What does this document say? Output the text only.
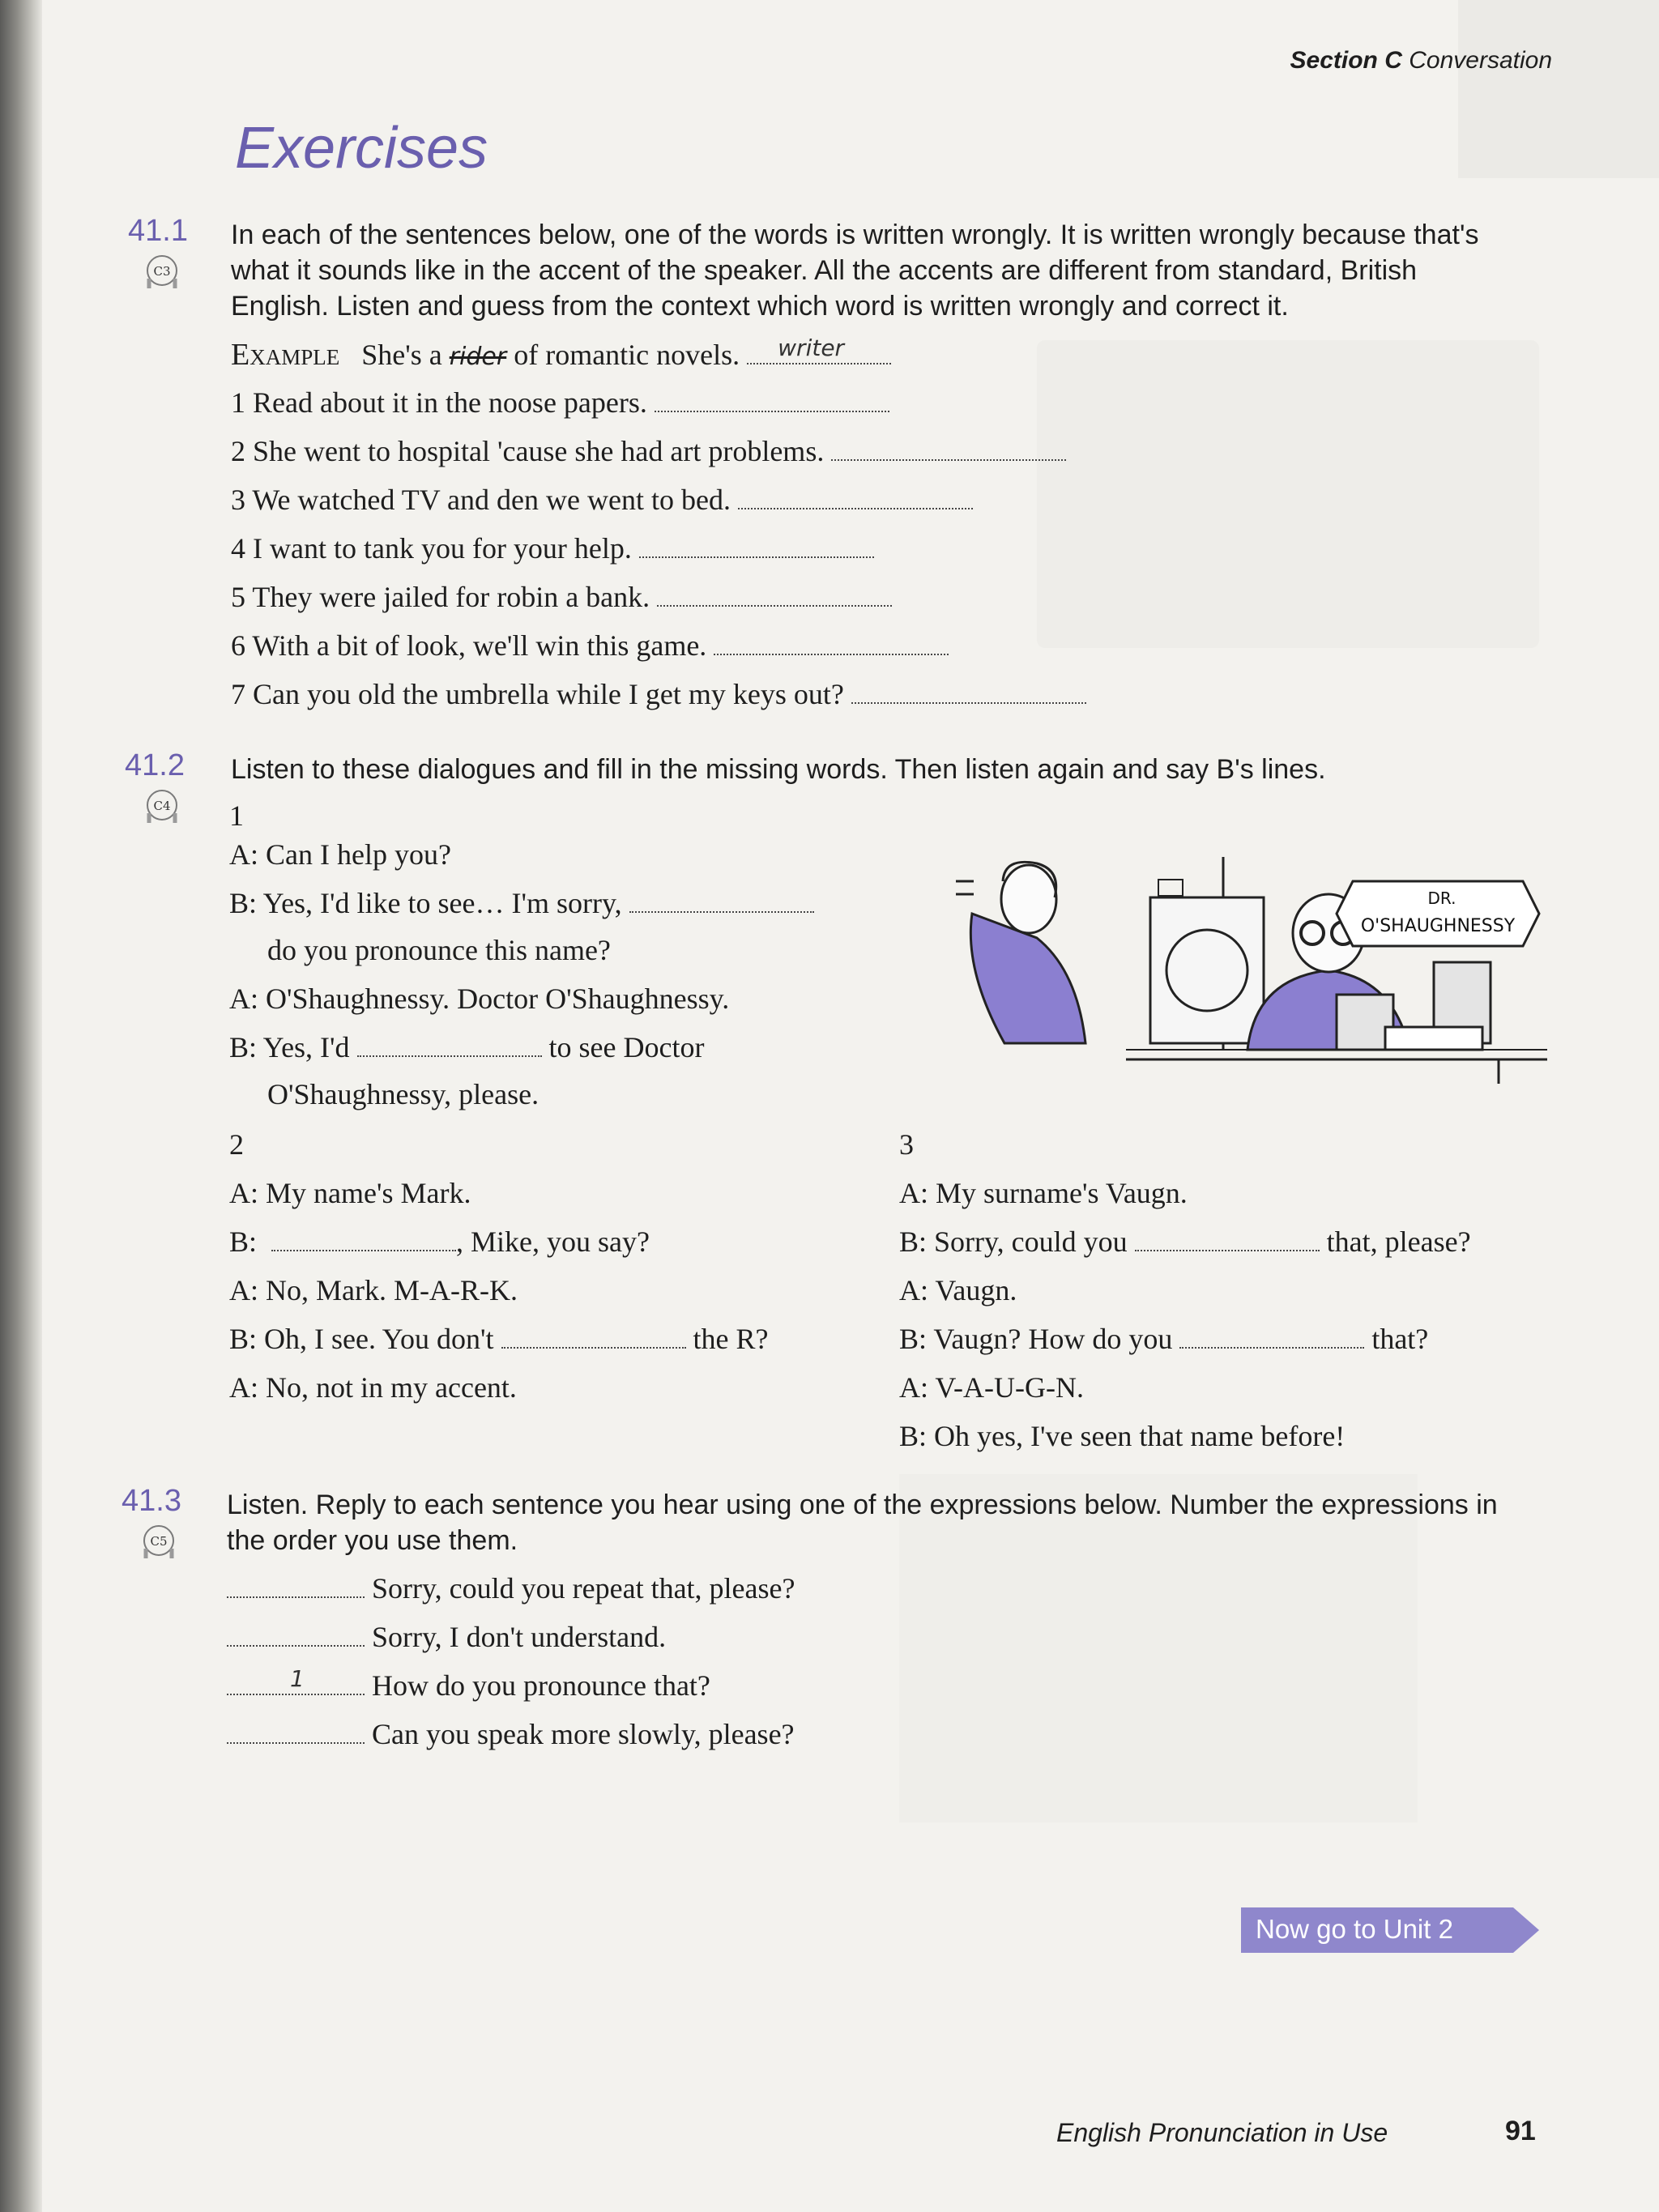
Section C Conversation
Exercises
41.1
C3
In each of the sentences below, one of the words is written wrongly. It is written wrongly because that's what it sounds like in the accent of the speaker. All the accents are different from standard, British English. Listen and guess from the context which word is written wrongly and correct it.
Example She's a rider of romantic novels. writer
1 Read about it in the noose papers.
2 She went to hospital 'cause she had art problems.
3 We watched TV and den we went to bed.
4 I want to tank you for your help.
5 They were jailed for robin a bank.
6 With a bit of look, we'll win this game.
7 Can you old the umbrella while I get my keys out?
41.2
C4
Listen to these dialogues and fill in the missing words. Then listen again and say B's lines.
1
A: Can I help you?
B: Yes, I'd like to see… I'm sorry,
do you pronounce this name?
A: O'Shaughnessy. Doctor O'Shaughnessy.
B: Yes, I'd	to see Doctor
O'Shaughnessy, please.
DR.
O'SHAUGHNESSY
2
A: My name's Mark.
B:	, Mike, you say?
A: No, Mark. M-A-R-K.
B: Oh, I see. You don't	the R?
A: No, not in my accent.
3
A: My surname's Vaugn.
B: Sorry, could you	that, please?
A: Vaugn.
B: Vaugn? How do you	that?
A: V-A-U-G-N.
B: Oh yes, I've seen that name before!
41.3
C5
Listen. Reply to each sentence you hear using one of the expressions below. Number the expressions in the order you use them.
Sorry, could you repeat that, please?
Sorry, I don't understand.
1 How do you pronounce that?
Can you speak more slowly, please?
Now go to Unit 2
English Pronunciation in Use	91
